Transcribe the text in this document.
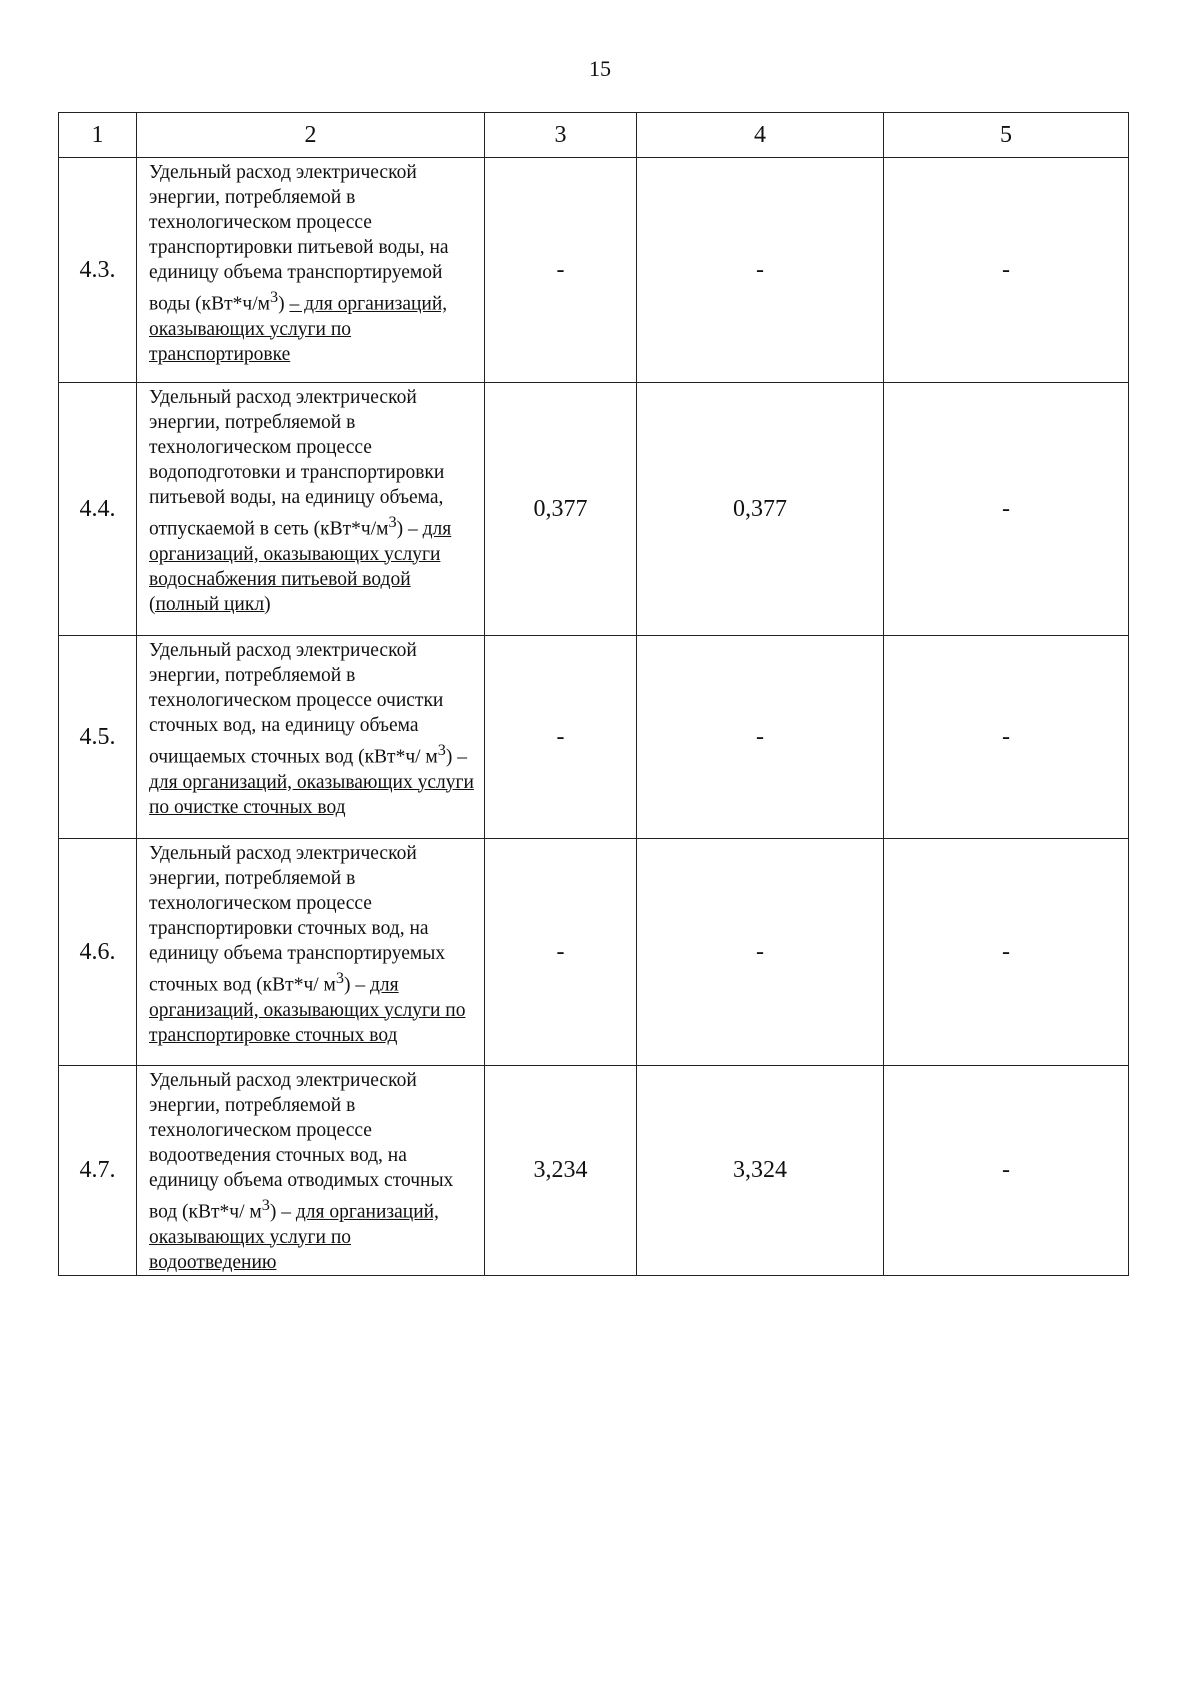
15
1	2	3	4	5
4.3.	Удельный расход электрической энергии, потребляемой в технологическом процессе транспортировки питьевой воды, на единицу объема транспортируемой воды $(кВт*ч/м^3)$ – для организаций, оказывающих услуги по транспортировке	-	-	-
4.4.	Удельный расход электрической энергии, потребляемой в технологическом процессе водоподготовки и транспортировки питьевой воды, на единицу объема, отпускаемой в сеть $(кВт*ч/м^3)$ – для организаций, оказывающих услуги водоснабжения питьевой водой (полный цикл)	0,377	0,377	-
4.5.	Удельный расход электрической энергии, потребляемой в технологическом процессе очистки сточных вод, на единицу объема очищаемых сточных вод (кВт*ч/ $м^3$) – для организаций, оказывающих услуги по очистке сточных вод	-	-	-
4.6.	Удельный расход электрической энергии, потребляемой в технологическом процессе транспортировки сточных вод, на единицу объема транспортируемых сточных вод (кВт*ч/ $м^3$) – для организаций, оказывающих услуги по транспортировке сточных вод	-	-	-
4.7.	Удельный расход электрической энергии, потребляемой в технологическом процессе водоотведения сточных вод, на единицу объема отводимых сточных вод (кВт*ч/ $м^3$) – для организаций, оказывающих услуги по водоотведению	3,234	3,324	-
